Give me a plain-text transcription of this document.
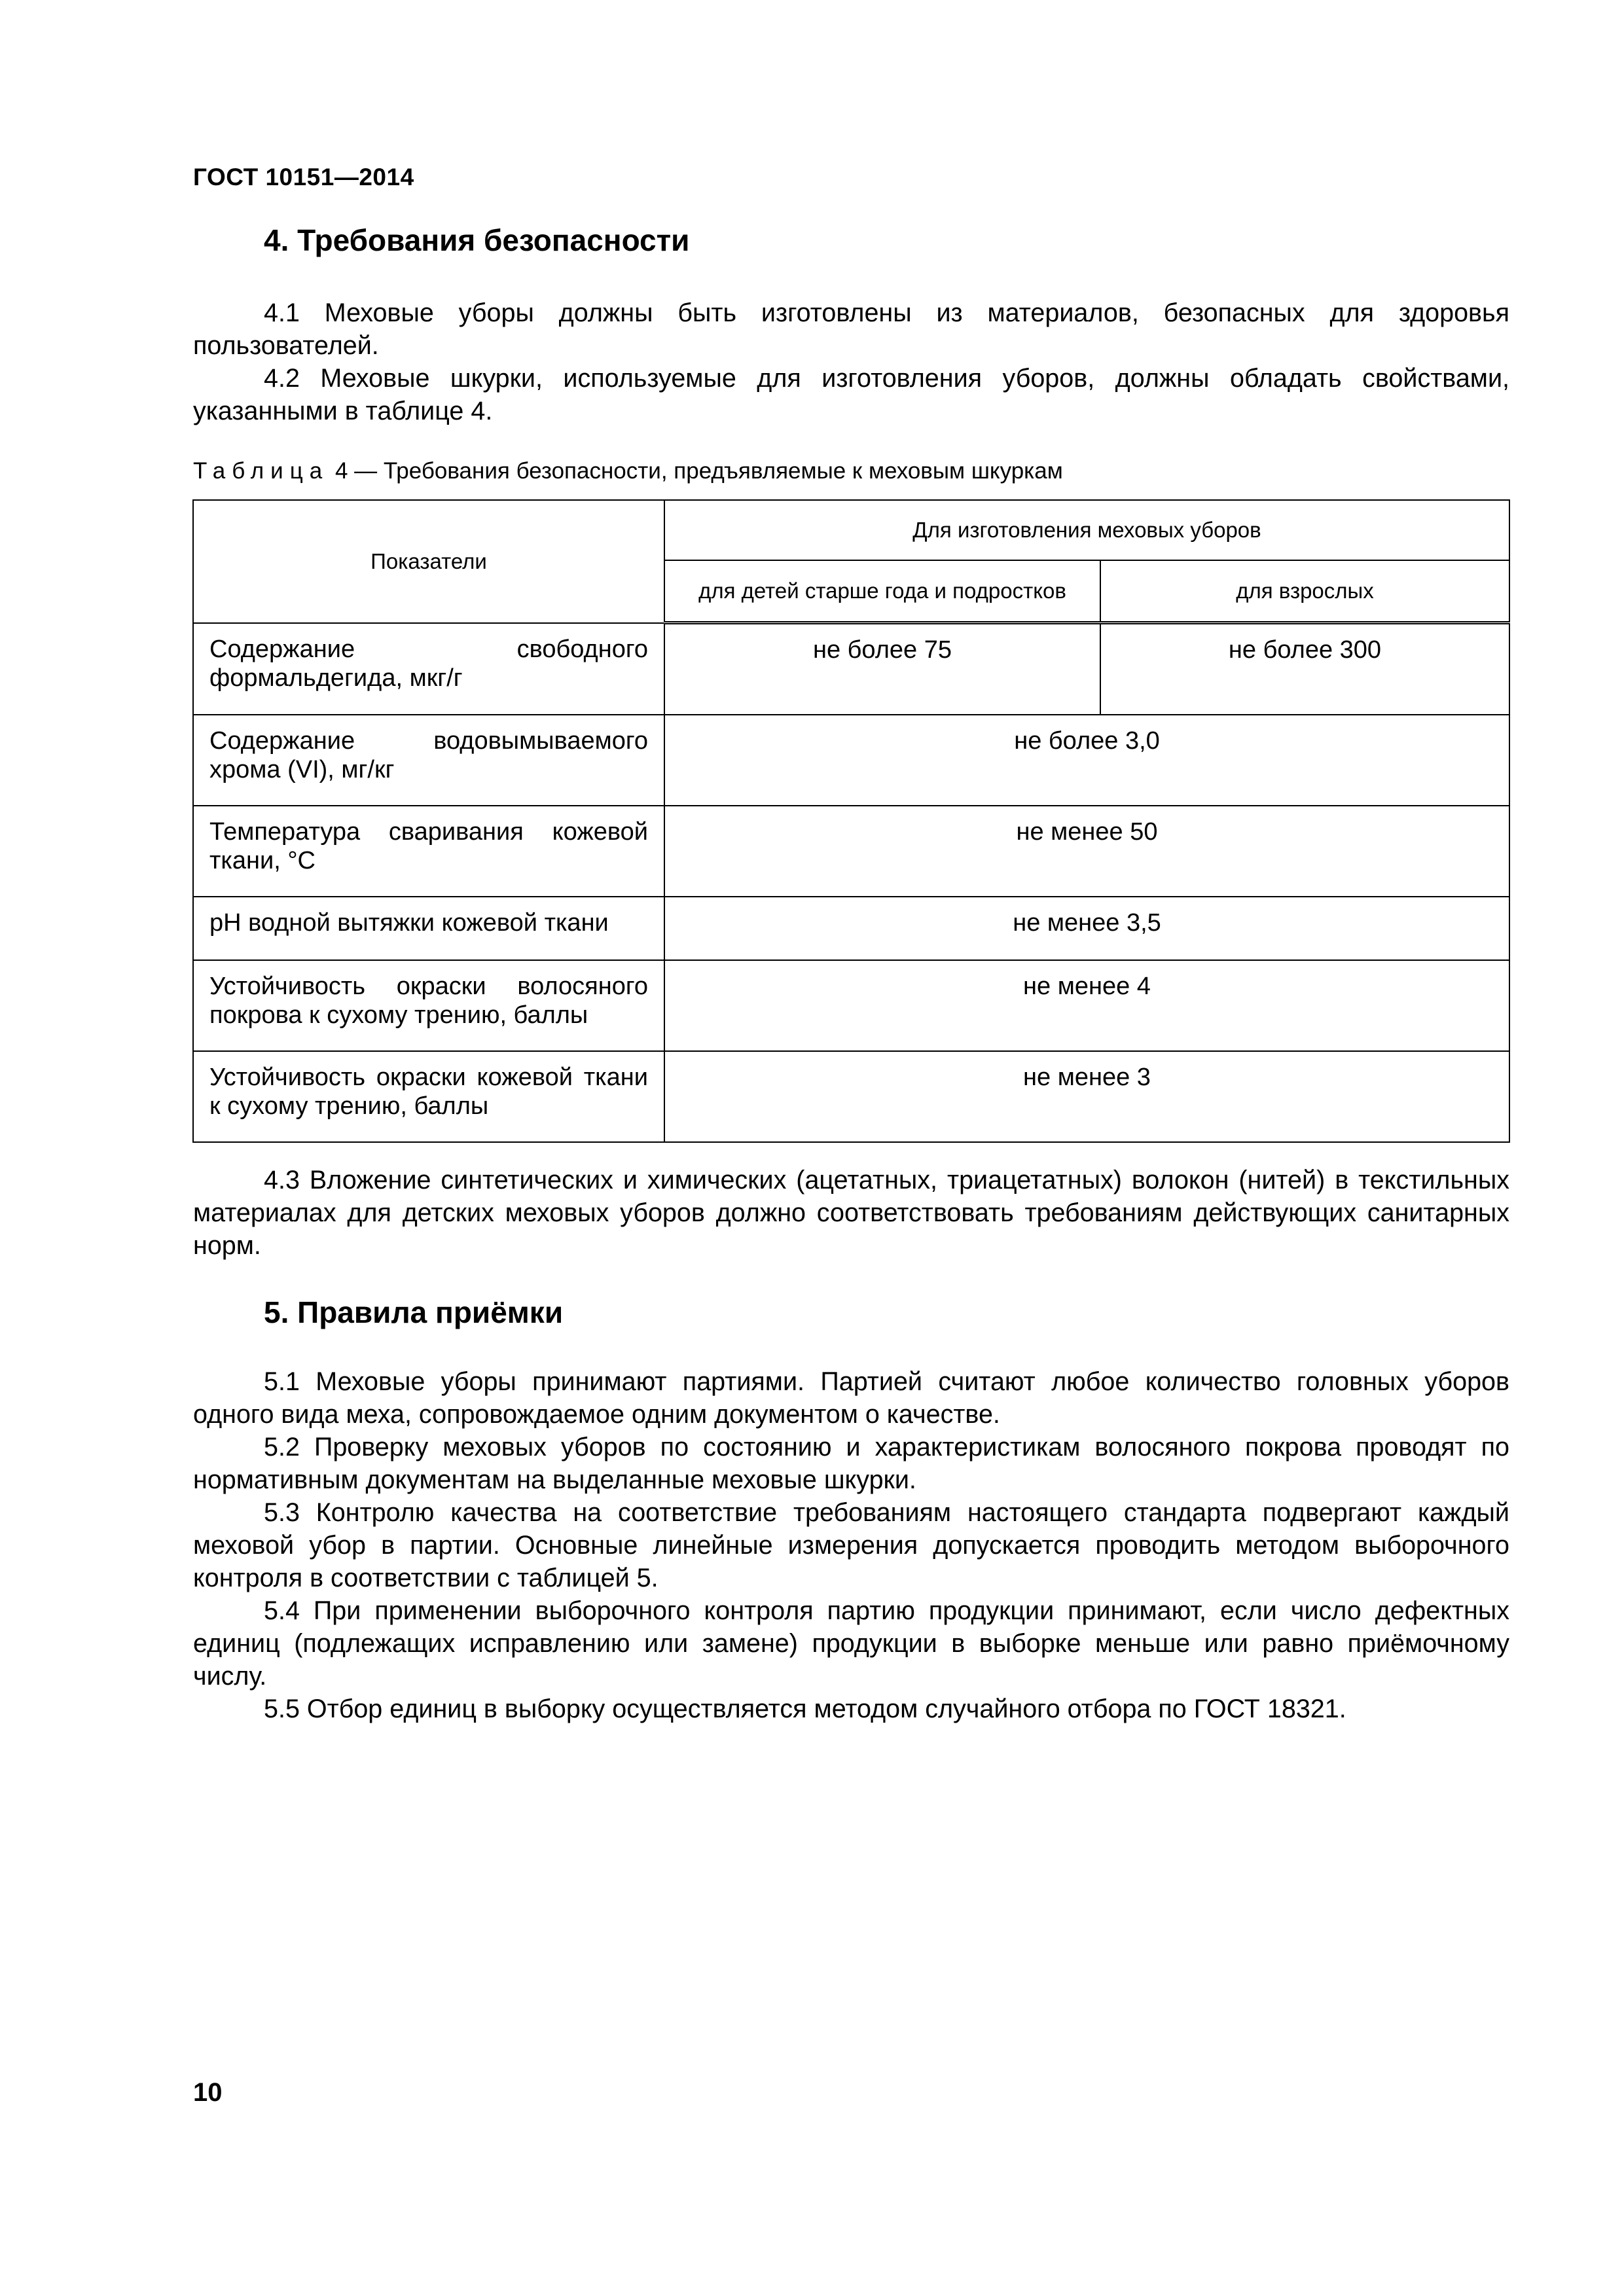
ГОСТ 10151—2014
4. Требования безопасности

4.1 Меховые уборы должны быть изготовлены из материалов, безопасных для здоровья пользователей.

4.2 Меховые шкурки, используемые для изготовления уборов, должны обладать свойствами, указанными в таблице 4.

Таблица 4 — Требования безопасности, предъявляемые к меховым шкуркам
Показатели	Для изготовления меховых уборов	
	для детей старше года и подростков	для взрослых
Содержание свободного формальдегида, мкг/г	не более 75	не более 300
Содержание водовымываемого хрома (VI), мг/кг	не более 3,0	
Температура сваривания кожевой ткани, °С	не менее 50	
рН водной вытяжки кожевой ткани	не менее 3,5	
Устойчивость окраски волосяного покрова к сухому трению, баллы	не менее 4	
Устойчивость окраски кожевой ткани к сухому трению, баллы	не менее 3	

4.3 Вложение синтетических и химических (ацетатных, триацетатных) волокон (нитей) в текстильных материалах для детских меховых уборов должно соответствовать требованиям действующих санитарных норм.

5. Правила приёмки

5.1 Меховые уборы принимают партиями. Партией считают любое количество головных уборов одного вида меха, сопровождаемое одним документом о качестве.

5.2 Проверку меховых уборов по состоянию и характеристикам волосяного покрова проводят по нормативным документам на выделанные меховые шкурки.

5.3 Контролю качества на соответствие требованиям настоящего стандарта подвергают каждый меховой убор в партии. Основные линейные измерения допускается проводить методом выборочного контроля в соответствии с таблицей 5.

5.4 При применении выборочного контроля партию продукции принимают, если число дефектных единиц (подлежащих исправлению или замене) продукции в выборке меньше или равно приёмочному числу.

5.5 Отбор единиц в выборку осуществляется методом случайного отбора по ГОСТ 18321.

10
